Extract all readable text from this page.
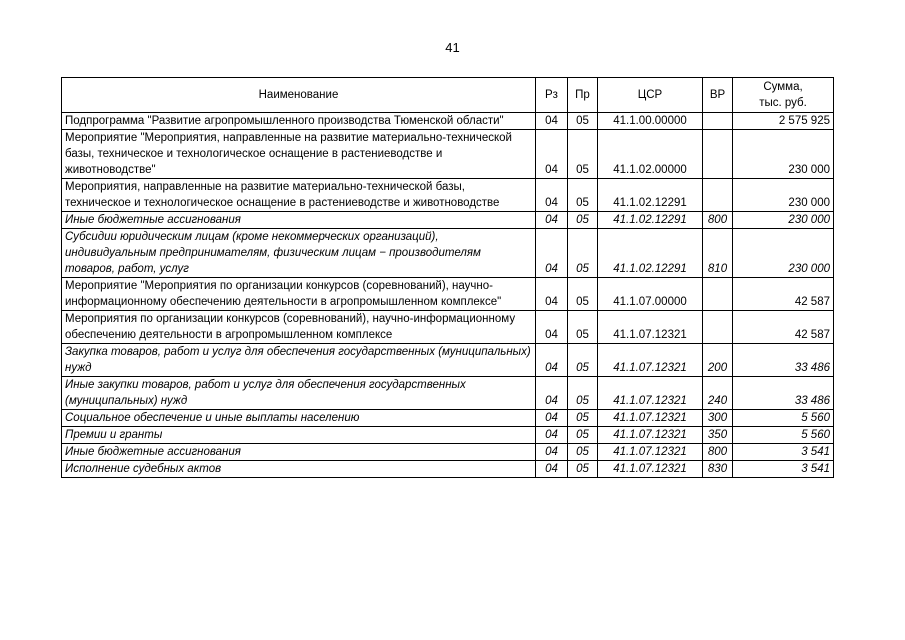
41
Наименование	Рз	Пр	ЦСР	ВР	Сумма,
тыс. руб.
Подпрограмма "Развитие агропромышленного производства Тюменской области"	04	05	41.1.00.00000		2 575 925
Мероприятие "Мероприятия, направленные на развитие материально-технической базы, техническое и технологическое оснащение в растениеводстве и животноводстве"	04	05	41.1.02.00000		230 000
Мероприятия, направленные на развитие материально-технической базы, техническое и технологическое оснащение в растениеводстве и животноводстве	04	05	41.1.02.12291		230 000
Иные бюджетные ассигнования	04	05	41.1.02.12291	800	230 000
Субсидии юридическим лицам (кроме некоммерческих организаций), индивидуальным предпринимателям, физическим лицам − производителям товаров, работ, услуг	04	05	41.1.02.12291	810	230 000
Мероприятие "Мероприятия по организации конкурсов (соревнований), научно-информационному обеспечению деятельности в агропромышленном комплексе"	04	05	41.1.07.00000		42 587
Мероприятия по организации конкурсов (соревнований), научно-информационному обеспечению деятельности в агропромышленном комплексе	04	05	41.1.07.12321		42 587
Закупка товаров, работ и услуг для обеспечения государственных (муниципальных) нужд	04	05	41.1.07.12321	200	33 486
Иные закупки товаров, работ и услуг для обеспечения государственных (муниципальных) нужд	04	05	41.1.07.12321	240	33 486
Социальное обеспечение и иные выплаты населению	04	05	41.1.07.12321	300	5 560
Премии и гранты	04	05	41.1.07.12321	350	5 560
Иные бюджетные ассигнования	04	05	41.1.07.12321	800	3 541
Исполнение судебных актов	04	05	41.1.07.12321	830	3 541
